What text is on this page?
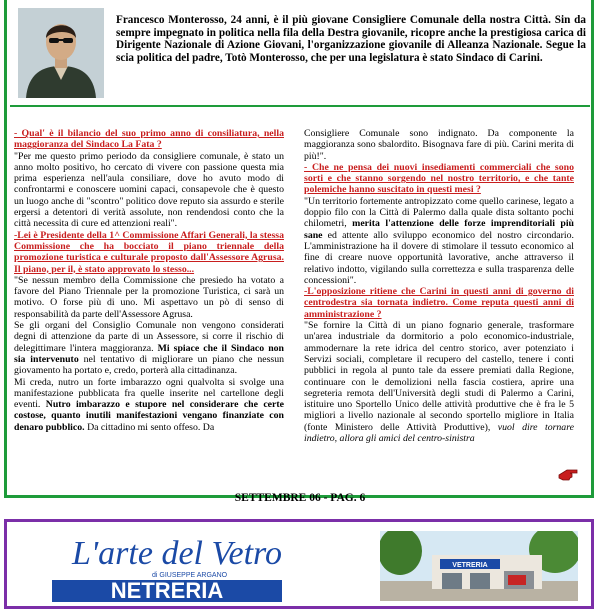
Francesco Monterosso, 24 anni, è il più giovane Consigliere Comunale della nostra Città. Sin da sempre impegnato in politica nella fila della Destra giovanile, ricopre anche la prestigiosa carica di Dirigente Nazionale di Azione Giovani, l'organizzazione giovanile di Alleanza Nazionale. Segue la scia politica del padre, Totò Monterosso, che per una legislatura è stato Sindaco di Carini.

- Qual' è il bilancio del suo primo anno di consiliatura, nella maggioranza del Sindaco La Fata ?

"Per me questo primo periodo da consigliere comunale, è stato un anno molto positivo, ho cercato di vivere con passione questa mia prima esperienza nell'aula consiliare, dove ho avuto modo di confrontarmi e conoscere uomini capaci, consapevole che è questo un luogo anche di "scontro" politico dove reputo sia assurdo e sterile ergersi a detentori di verità assolute, non rendendosi conto che la città necessita di cure ed attenzioni reali".

-Lei è Presidente della 1^ Commissione Affari Generali, la stessa Commissione che ha bocciato il piano triennale della promozione turistica e culturale proposto dall'Assessore Agrusa. Il piano, per il, è stato approvato lo stesso...

"Se nessun membro della Commissione che presiedo ha votato a favore del Piano Triennale per la promozione Turistica, ci sarà un motivo. O forse più di uno. Mi aspettavo un pò di senso di responsabilità da parte dell'Assessore Agrusa.

Se gli organi del Consiglio Comunale non vengono considerati degni di attenzione da parte di un Assessore, si corre il rischio di delegittimare l'intera maggioranza. Mi spiace che il Sindaco non sia intervenuto nel tentativo di migliorare un piano che nessun giovamento ha portato e, credo, porterà alla cittadinanza.

Mi creda, nutro un forte imbarazzo ogni qualvolta si svolge una manifestazione pubblicata fra quelle inserite nel cartellone degli eventi. Nutro imbarazzo e stupore nel considerare che certe costose, quanto inutili manifestazioni vengano finanziate con denaro pubblico. Da cittadino mi sento offeso. Da

Consigliere Comunale sono indignato. Da componente la maggioranza sono sbalordito. Bisognava fare di più. Carini merita di più!".

- Che ne pensa dei nuovi insediamenti commerciali che sono sorti e che stanno sorgendo nel nostro territorio, e che tante polemiche hanno suscitato in questi mesi ?

"Un territorio fortemente antropizzato come quello carinese, legato a doppio filo con la Città di Palermo dalla quale dista soltanto pochi chilometri, merita l'attenzione delle forze imprenditoriali più sane ed attente allo sviluppo economico del nostro circondario. L'amministrazione ha il dovere di stimolare il tessuto economico al fine di creare nuove opportunità lavorative, anche attraverso il relativo indotto, vigilando sulla correttezza e sulla trasparenza delle concessioni".

-L'opposizione ritiene che Carini in questi anni di governo di centrodestra sia tornata indietro. Come reputa questi anni di amministrazione ?

"Se fornire la Città di un piano fognario generale, trasformare un'area industriale da dormitorio a polo economico-industriale, ammodernare la rete idrica del centro storico, aver potenziato i Servizi sociali, completare il recupero del castello, tenere i conti pubblici in regola al punto tale da essere premiati dalla Regione, continuare con le demolizioni nella fascia costiera, aprire una segreteria remota dell'Università degli studi di Palermo a Carini, istituire uno Sportello Unico delle attività produttive che è fra le 5 migliori a livello nazionale al secondo sportello migliore in Italia (fonte Ministero delle Attività Produttive), vuol dire tornare indietro, allora gli amici del centro-sinistra

SETTEMBRE 06 - PAG. 6
L'arte del Vetro
di GIUSEPPE ARGANO
NETRERIA
VETRERIA
